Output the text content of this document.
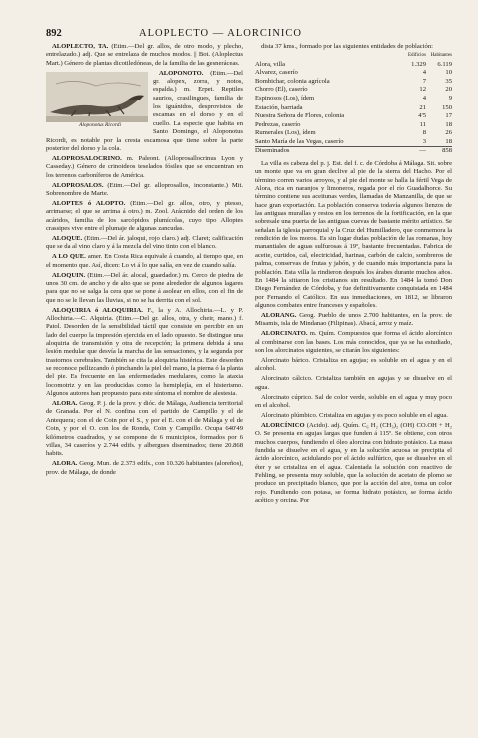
892	ALOPLECTO — ALORCINICO

ALOPLECTO, TA. (Etim.—Del gr. allos, de otro modo, y plecho, entrelazado.) adj. Que se entrelaza de muchos modos. || Bot. (Aloplectus Mart.) Género de plantas dicotiledóneas, de la familia de las gesneráceas.

Aloponotus Ricordi
ALOPONOTO. (Etim.—Del gr. alopex, zorra, y notos, espalda.) m. Erpet. Reptiles saurios, crasilingues, familia de los iguánidos, desprovistos de escamas en el dorso y en el cuello. La especie que habita en Santo Domingo, el Aloponotus Ricordi, es notable por la cresta escamosa que tiene sobre la parte posterior del dorso y la cola.

ALOPROSALOCRINO. m. Paleont. (Alloprosallocrinus Lyon y Casseday.) Género de crinoideos teselados fósiles que se encuentran en los terrenos carboníferos de América.

ALOPROSALOS. (Etim.—Del gr. alloprosallos, inconstante.) Mit. Sobrenombre de Marte.

ALOPTES ó ALOPTO. (Etim.—Del gr. allos, otro, y ptesso, arrimarse; el que se arrima á otro.) m. Zool. Arácnido del orden de los acáridos, familia de los sarcópidos plumícolas, cuyo tipo Alloptes crassipes vive entre el plumaje de algunas zancudas.

ALOQUE. (Etim.—Del ár. jaloqui, rojo claro.) adj. Claret; calificación que se da al vino claro y á la mezcla del vino tinto con el blanco.

A LO QUE. amer. En Costa Rica equivale á cuando, al tiempo que, en el momento que. Así, dicen: Lo vi á lo que salía, en vez de cuando salía.

ALOQUIN. (Etim.—Del ár. alocal, guardador.) m. Cerco de piedra de unos 30 cm. de ancho y de alto que se pone alrededor de algunos lagares para que no se salga la cera que se pone á asolear en ellos, con el fin de que no se le llevan las lluvias, si no se ha derrita con el sol.

ALOQUIRIA ó ALOQUIRIA. F., la y A. Allochiria.—L. y P. Allochiria.—C. Alquiria. (Etim.—Del gr. allos, otra, y cheir, mano.) f. Patol. Desorden de la sensibilidad táctil que consiste en percibir en un lado del cuerpo la impresión ejercida en el lado opuesto. Se distingue una aloquiria de transmisión y otra de recepción; la primera debida á una lesión medular que desvía la marcha de las sensaciones, y la segunda por trastornos cerebrales. También se cita la aloquiria histérica. Este desorden se reconoce pellizcando ó pinchando la piel del mano, la pierna ó la planta del pie. Es frecuente en las enfermedades medulares, como la ataxia locomotriz y en las producidas como la hemiplejía, en el histerismo. Algunos autores han propuesto para este síntoma el nombre de alestesia.

ALORA. Geog. P. j. de la prov. y dióc. de Málaga, Audiencia territorial de Granada. Por el N. confina con el partido de Campillo y el de Antequera; con el de Coin por el S., y por el E. con el de Málaga y el de Coin, y por el O. con los de Ronda, Coin y Campillo. Ocupa 640'49 kilómetros cuadrados, y se compone de 6 municipios, formados por 6 villas, 34 caseríos y 2.744 edifs. y albergues diseminados; tiene 20.868 habits.

ALORA. Geog. Mun. de 2.373 edifs., con 10.326 habitantes (aloreños), prov. de Málaga, de donde

dista 37 kms., formado por las siguientes entidades de población:

	Edificios	Habitantes
Alora, villa	1.329	6.119
Alvarez, caserío	4	10
Bombichar, colonia agrícola	7	35
Chorro (El), caserío	12	20
Espinosos (Los), ídem	4	9
Estación, barriada	21	150
Nuestra Señora de Flores, colonia	4'5	17
Pedrezas, caserío	11	18
Rumerales (Los), ídem	8	26
Santo María de las Vegas, caserío	3	18
Diseminados	—	858

La villa es cabeza del p. j. Est. del f. c. de Córdoba á Málaga. Sit. sobre un monte que va en gran declive al pie de la sierra del Hacho. Por el término corren varios arroyos, y al pie del monte se halla la fértil Vega de Alora, rica en naranjos y limoneros, regada por el río Guadalhorce. Su término contiene sus aceitunas verdes, llamadas de Manzanilla, de que se hace gran exportación. La población conserva todavía algunos lienzos de las antiguas murallas y restos en los terrenos de la fortificación, en la que sobresale una puerta de las antiguas cuevas de bastante mérito artístico. Se señalan la iglesia parroquial y la Cruz del Humilladero, que conmemora la rendición de los moros. Es sin lugar dudas población de las romanas, hoy manantiales de aguas sulfurosas á 19º, bastante frecuentadas. Fabrica de aceite, curtidos, cal, electricidad, harinas, carbón de calcio, sombreros de palma, conservas de frutas y jabón, y de cuando más importancia para la población. Esta villa la rindieron después los árabes durante muchos años. En 1484 la sitiaron los cristianos sin resultado. En 1484 la tomó Don Diego Fernández de Córdoba, y fue definitivamente conquistada en 1484 por Fernando el Católico. En sus inmediaciones, en 1812, se libraron algunos combates entre franceses y españoles.

ALORANG. Geog. Pueblo de unos 2.700 habitantes, en la prov. de Misamis, isla de Mindanao (Filipinas). Abacá, arroz y maíz.

ALORCINATO. m. Quím. Compuestos que forma el ácido alorcínico al combinarse con las bases. Los más conocidos, que ya se ha estudiado, son los alorcinatos siguientes, se citarán los siguientes:

Alorcinato bárico. Cristaliza en agujas; es soluble en el agua y en el alcohol.

Alorcinato cálcico. Cristaliza también en agujas y se disuelve en el agua.

Alorcinato cúprico. Sal de color verde, soluble en el agua y muy poco en el alcohol.

Alorcinato plúmbico. Cristaliza en agujas y es poco soluble en el agua.

ALORCÍNICO (Acido). adj. Quím. C₆ H₂ (CH₃)₂ (OH) CO.OH + H₂ O. Se presenta en agujas largas que funden á 115º. Se obtiene, con otros muchos cuerpos, fundiendo el óleo alorcina con hidrato potásico. La masa fundida se disuelve en el agua, y en la solución acuosa se precipita el ácido alorcínico, acidulando por el ácido sulfúrico, que se disuelve en el éter y se cristaliza en el agua. Calentada la solución con reactivo de Fehling, se presenta muy soluble, que la solución de acetato de plomo se produce un precipitado blanco, que por la acción del aire, toma un color rojo. Fundiendo con potasa, se forma hidrato potásico, se forma ácido acético y orcina. Por
